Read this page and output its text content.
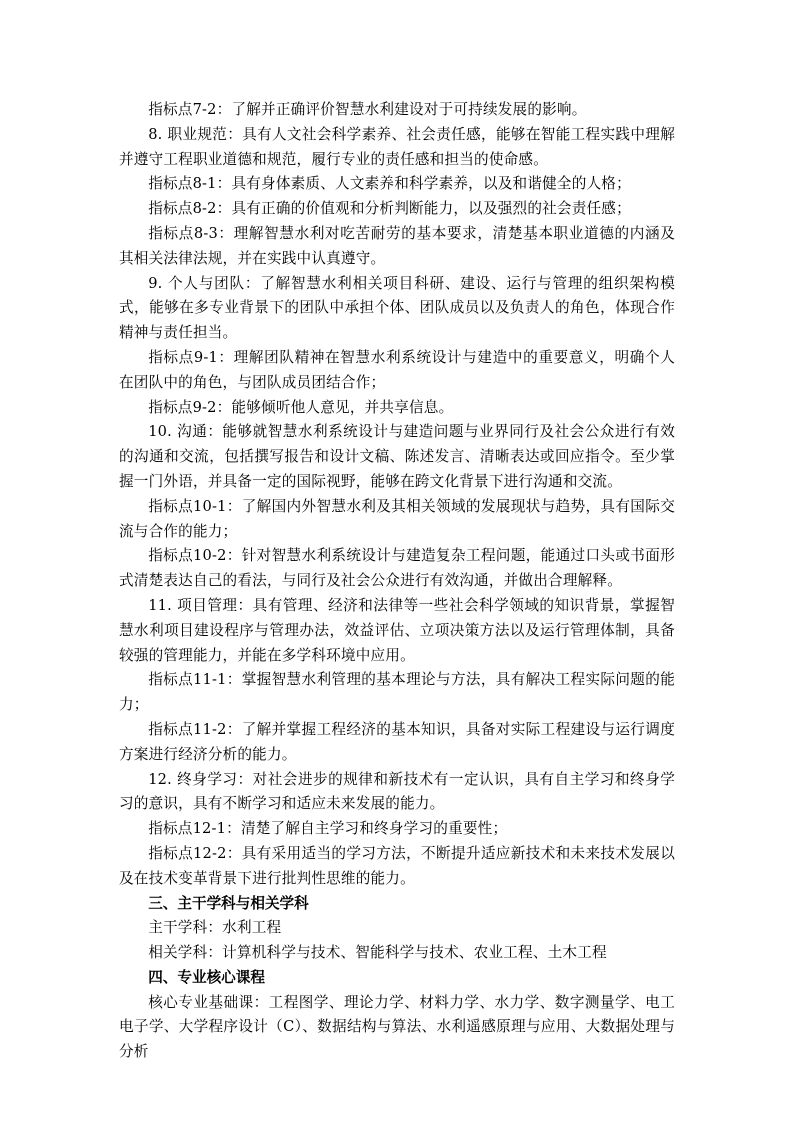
指标点7-2：了解并正确评价智慧水利建设对于可持续发展的影响。

8. 职业规范：具有人文社会科学素养、社会责任感，能够在智能工程实践中理解并遵守工程职业道德和规范，履行专业的责任感和担当的使命感。

指标点8-1：具有身体素质、人文素养和科学素养，以及和谐健全的人格；

指标点8-2：具有正确的价值观和分析判断能力，以及强烈的社会责任感；

指标点8-3：理解智慧水利对吃苦耐劳的基本要求，清楚基本职业道德的内涵及其相关法律法规，并在实践中认真遵守。

9. 个人与团队：了解智慧水利相关项目科研、建设、运行与管理的组织架构模式，能够在多专业背景下的团队中承担个体、团队成员以及负责人的角色，体现合作精神与责任担当。

指标点9-1：理解团队精神在智慧水利系统设计与建造中的重要意义，明确个人在团队中的角色，与团队成员团结合作；

指标点9-2：能够倾听他人意见，并共享信息。

10. 沟通：能够就智慧水利系统设计与建造问题与业界同行及社会公众进行有效的沟通和交流，包括撰写报告和设计文稿、陈述发言、清晰表达或回应指令。至少掌握一门外语，并具备一定的国际视野，能够在跨文化背景下进行沟通和交流。

指标点10-1：了解国内外智慧水利及其相关领域的发展现状与趋势，具有国际交流与合作的能力；

指标点10-2：针对智慧水利系统设计与建造复杂工程问题，能通过口头或书面形式清楚表达自己的看法，与同行及社会公众进行有效沟通，并做出合理解释。

11. 项目管理：具有管理、经济和法律等一些社会科学领域的知识背景，掌握智慧水利项目建设程序与管理办法，效益评估、立项决策方法以及运行管理体制，具备较强的管理能力，并能在多学科环境中应用。

指标点11-1：掌握智慧水利管理的基本理论与方法，具有解决工程实际问题的能力；

指标点11-2：了解并掌握工程经济的基本知识，具备对实际工程建设与运行调度方案进行经济分析的能力。

12. 终身学习：对社会进步的规律和新技术有一定认识，具有自主学习和终身学习的意识，具有不断学习和适应未来发展的能力。

指标点12-1：清楚了解自主学习和终身学习的重要性；

指标点12-2：具有采用适当的学习方法，不断提升适应新技术和未来技术发展以及在技术变革背景下进行批判性思维的能力。

三、主干学科与相关学科

主干学科：水利工程

相关学科：计算机科学与技术、智能科学与技术、农业工程、土木工程

四、专业核心课程

核心专业基础课：工程图学、理论力学、材料力学、水力学、数字测量学、电工电子学、大学程序设计（C）、数据结构与算法、水利遥感原理与应用、大数据处理与分析
